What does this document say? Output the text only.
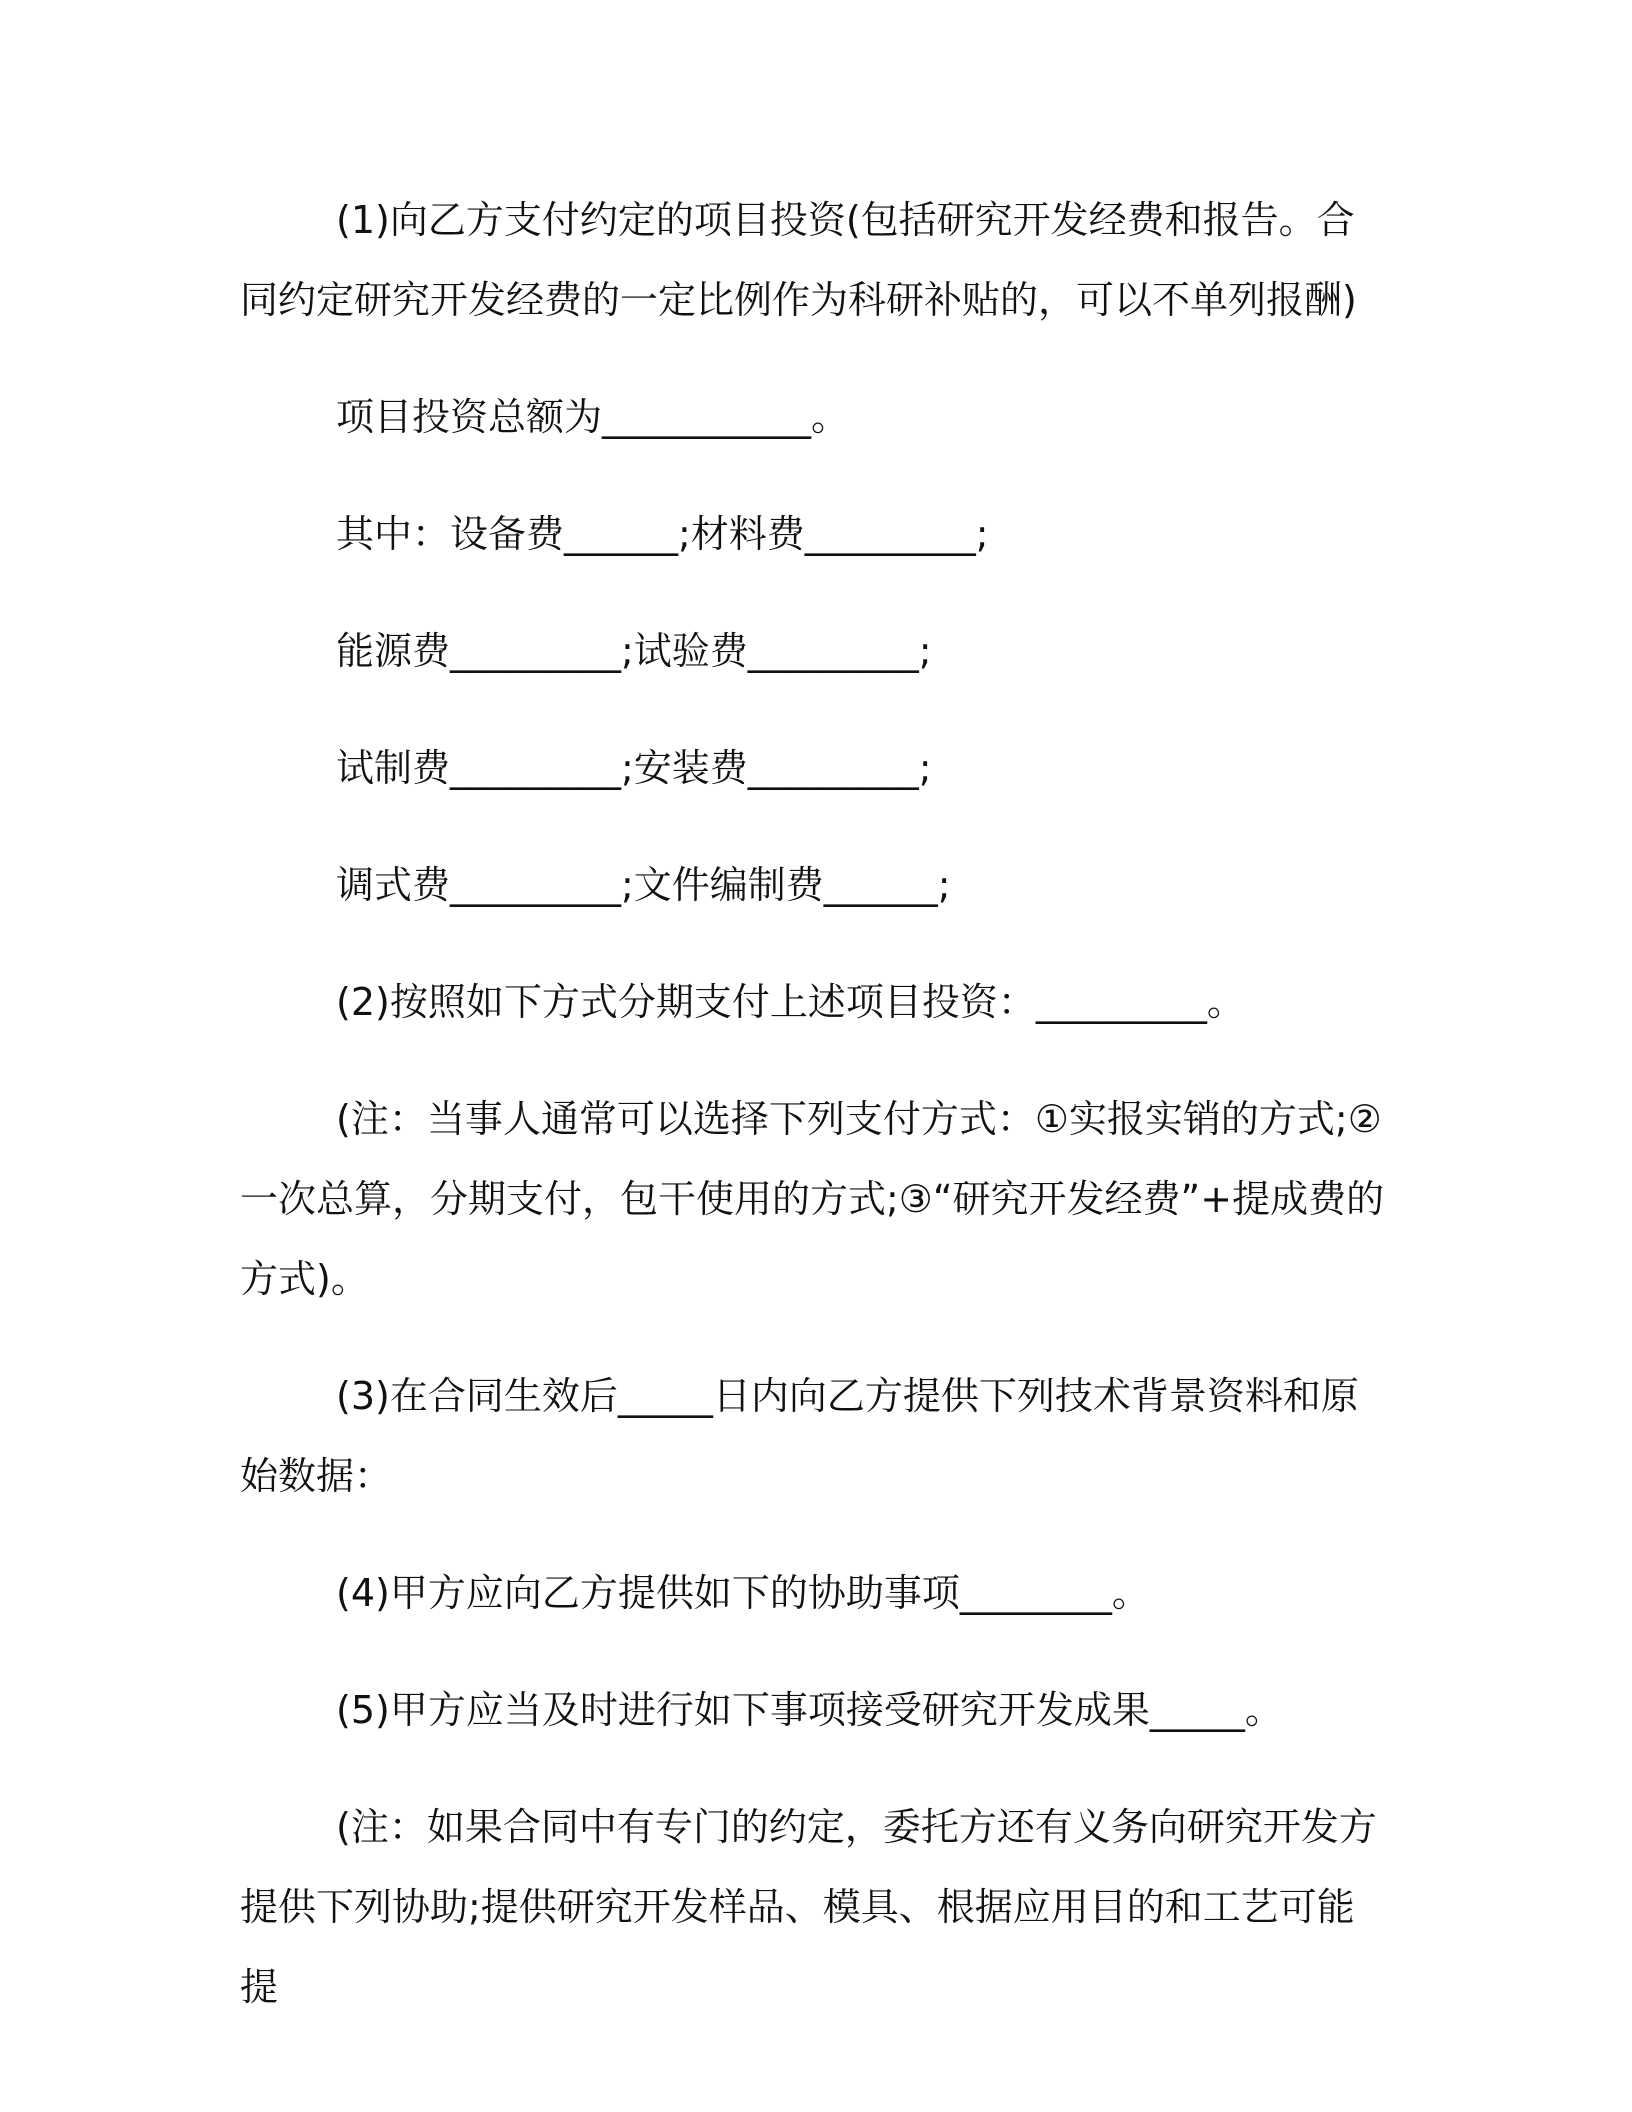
(1)向乙方支付约定的项目投资(包括研究开发经费和报告。合同约定研究开发经费的一定比例作为科研补贴的，可以不单列报酬)

项目投资总额为___________。

其中：设备费______;材料费_________;

能源费_________;试验费_________;

试制费_________;安装费_________;

调式费_________;文件编制费______;

(2)按照如下方式分期支付上述项目投资：_________。

(注：当事人通常可以选择下列支付方式：①实报实销的方式;②一次总算，分期支付，包干使用的方式;③“研究开发经费”+提成费的方式)。

(3)在合同生效后_____日内向乙方提供下列技术背景资料和原始数据：

(4)甲方应向乙方提供如下的协助事项________。

(5)甲方应当及时进行如下事项接受研究开发成果_____。

(注：如果合同中有专门的约定，委托方还有义务向研究开发方提供下列协助;提供研究开发样品、模具、根据应用目的和工艺可能提
